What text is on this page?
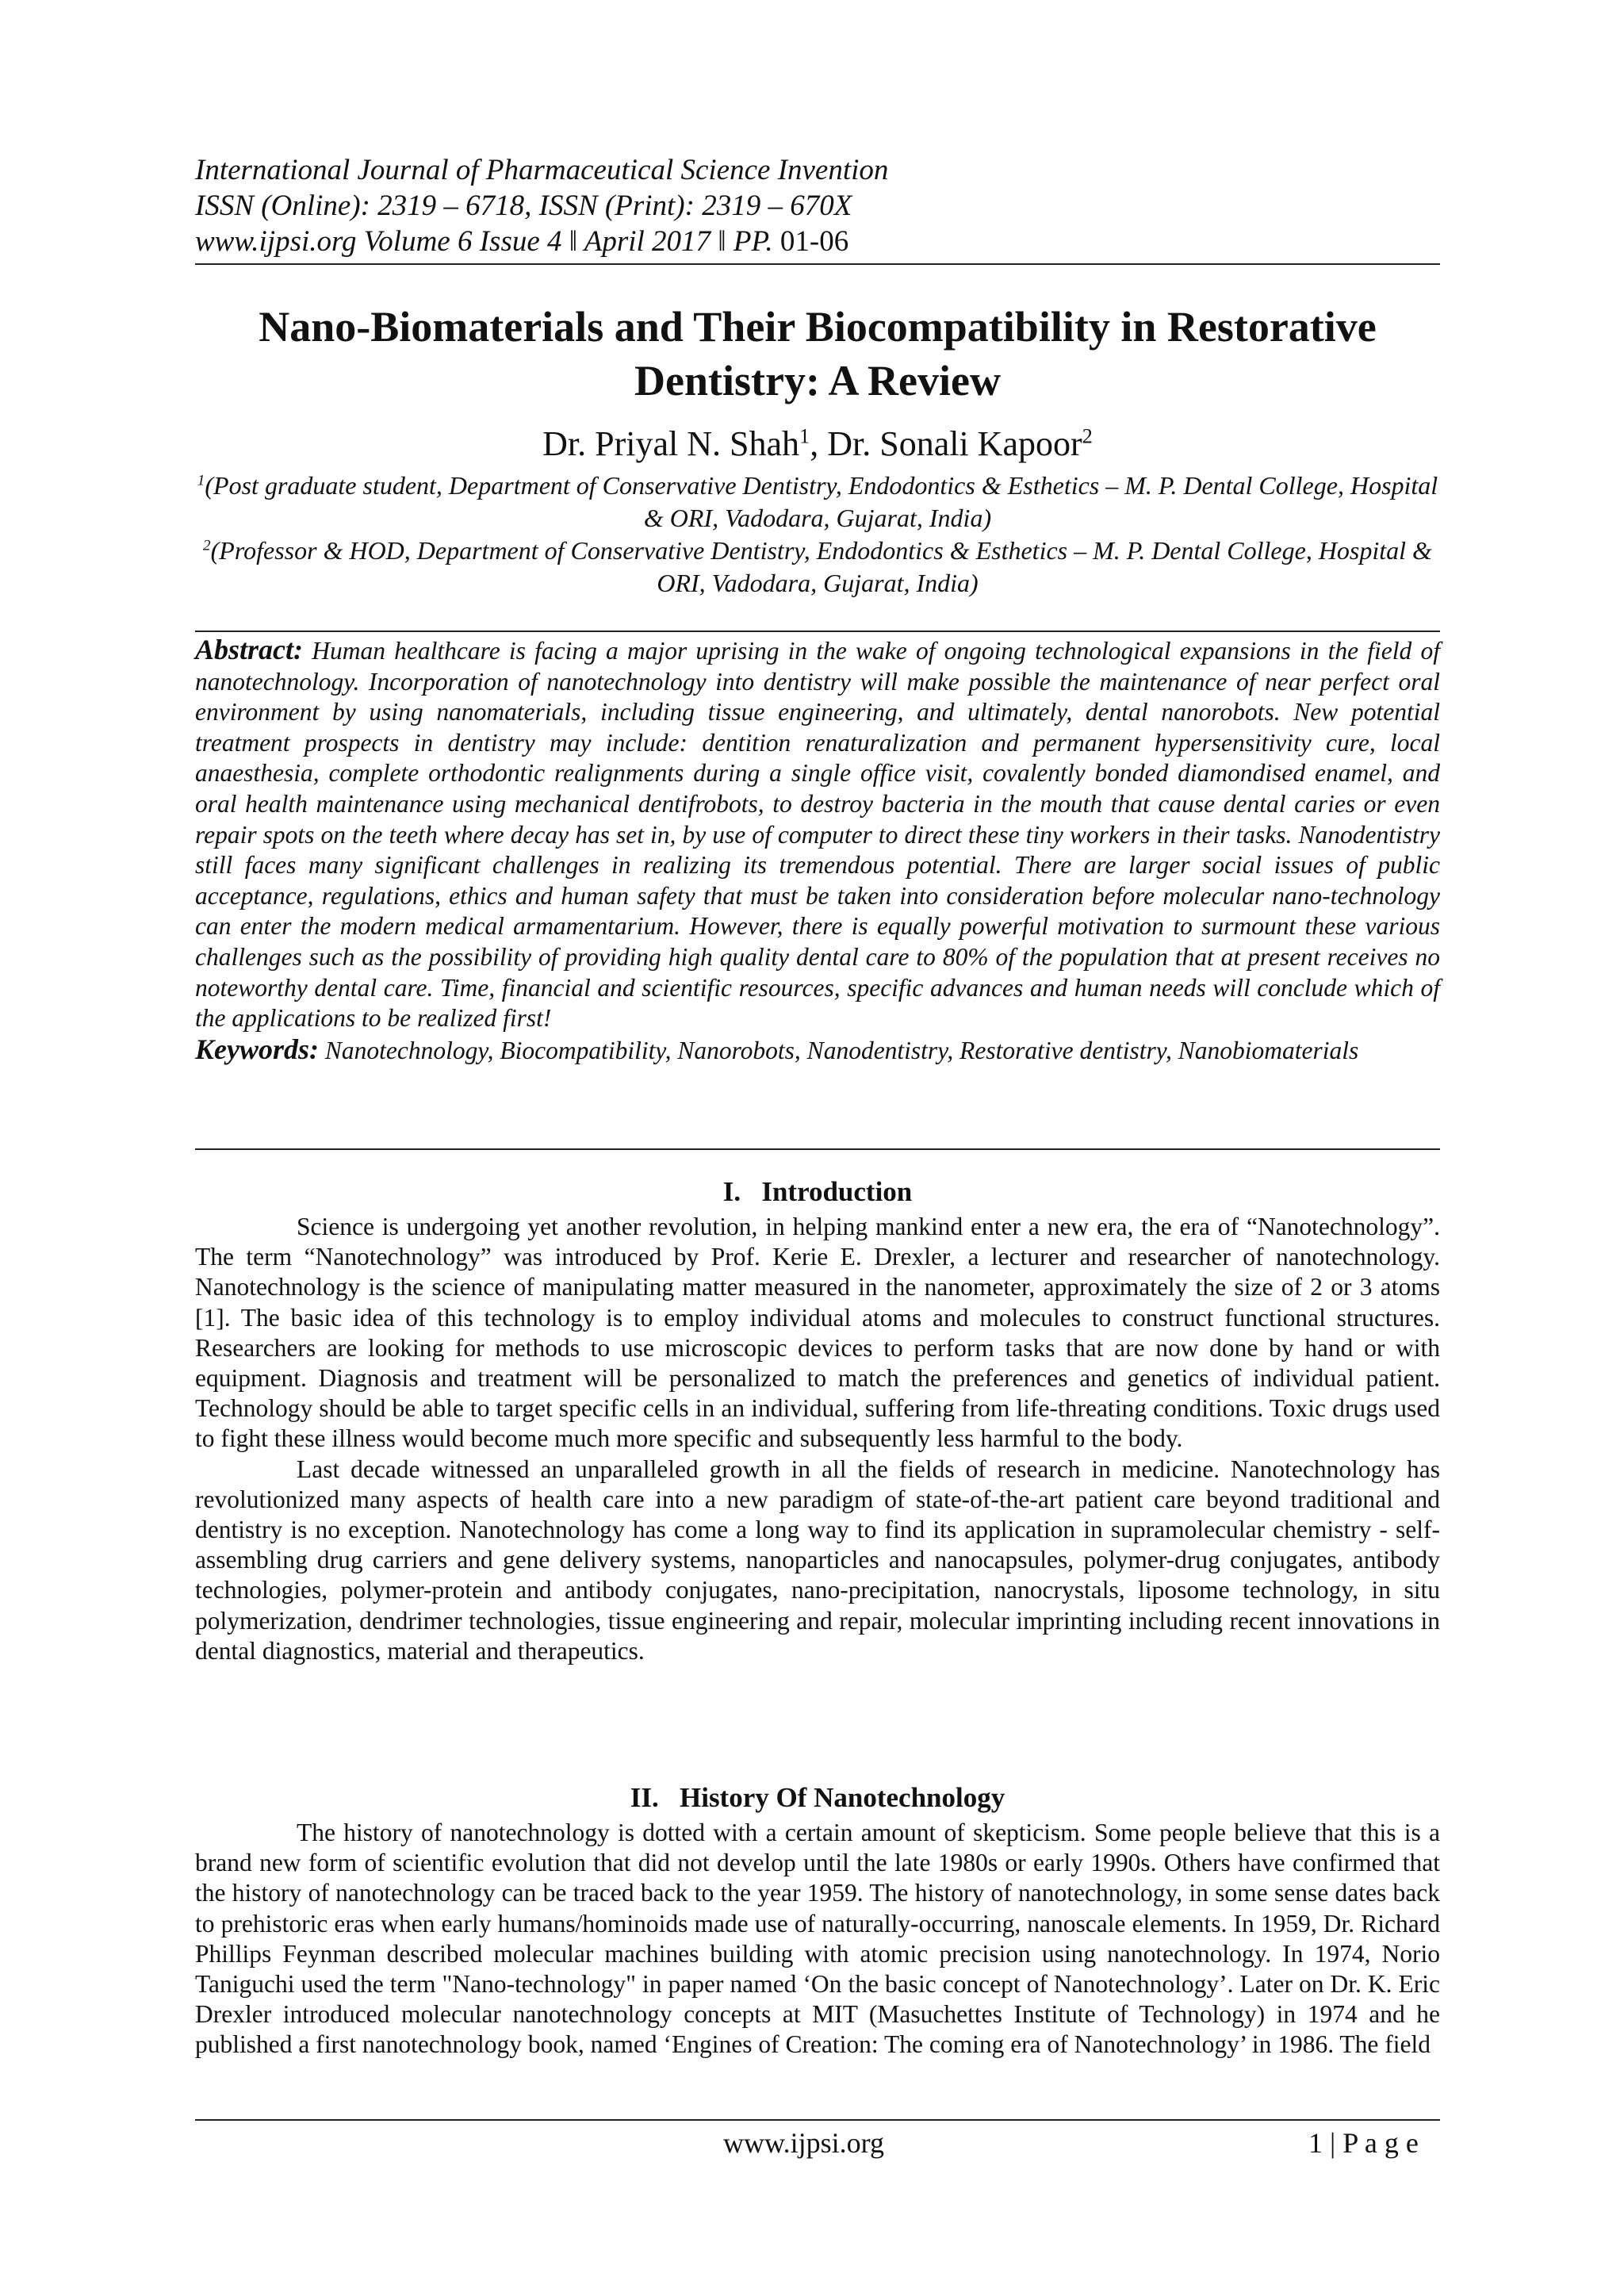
International Journal of Pharmaceutical Science Invention
ISSN (Online): 2319 – 6718, ISSN (Print): 2319 – 670X
www.ijpsi.org Volume 6 Issue 4 ǁ April 2017 ǁ PP. 01-06
Nano-Biomaterials and Their Biocompatibility in Restorative Dentistry: A Review
Dr. Priyal N. Shah$^1$, Dr. Sonali Kapoor$^2$

$^1$(Post graduate student, Department of Conservative Dentistry, Endodontics & Esthetics – M. P. Dental College, Hospital & ORI, Vadodara, Gujarat, India)

$^2$(Professor & HOD, Department of Conservative Dentistry, Endodontics & Esthetics – M. P. Dental College, Hospital & ORI, Vadodara, Gujarat, India)

Abstract: Human healthcare is facing a major uprising in the wake of ongoing technological expansions in the field of nanotechnology. Incorporation of nanotechnology into dentistry will make possible the maintenance of near perfect oral environment by using nanomaterials, including tissue engineering, and ultimately, dental nanorobots. New potential treatment prospects in dentistry may include: dentition renaturalization and permanent hypersensitivity cure, local anaesthesia, complete orthodontic realignments during a single office visit, covalently bonded diamondised enamel, and oral health maintenance using mechanical dentifrobots, to destroy bacteria in the mouth that cause dental caries or even repair spots on the teeth where decay has set in, by use of computer to direct these tiny workers in their tasks. Nanodentistry still faces many significant challenges in realizing its tremendous potential. There are larger social issues of public acceptance, regulations, ethics and human safety that must be taken into consideration before molecular nano-technology can enter the modern medical armamentarium. However, there is equally powerful motivation to surmount these various challenges such as the possibility of providing high quality dental care to 80% of the population that at present receives no noteworthy dental care. Time, financial and scientific resources, specific advances and human needs will conclude which of the applications to be realized first!

Keywords: Nanotechnology, Biocompatibility, Nanorobots, Nanodentistry, Restorative dentistry, Nanobiomaterials

I.   Introduction

Science is undergoing yet another revolution, in helping mankind enter a new era, the era of “Nanotechnology”. The term “Nanotechnology” was introduced by Prof. Kerie E. Drexler, a lecturer and researcher of nanotechnology. Nanotechnology is the science of manipulating matter measured in the nanometer, approximately the size of 2 or 3 atoms [1]. The basic idea of this technology is to employ individual atoms and molecules to construct functional structures. Researchers are looking for methods to use microscopic devices to perform tasks that are now done by hand or with equipment. Diagnosis and treatment will be personalized to match the preferences and genetics of individual patient. Technology should be able to target specific cells in an individual, suffering from life-threating conditions. Toxic drugs used to fight these illness would become much more specific and subsequently less harmful to the body.

Last decade witnessed an unparalleled growth in all the fields of research in medicine. Nanotechnology has revolutionized many aspects of health care into a new paradigm of state-of-the-art patient care beyond traditional and dentistry is no exception. Nanotechnology has come a long way to find its application in supramolecular chemistry - self-assembling drug carriers and gene delivery systems, nanoparticles and nanocapsules, polymer-drug conjugates, antibody technologies, polymer-protein and antibody conjugates, nano-precipitation, nanocrystals, liposome technology, in situ polymerization, dendrimer technologies, tissue engineering and repair, molecular imprinting including recent innovations in dental diagnostics, material and therapeutics.

II.   History Of Nanotechnology

The history of nanotechnology is dotted with a certain amount of skepticism. Some people believe that this is a brand new form of scientific evolution that did not develop until the late 1980s or early 1990s. Others have confirmed that the history of nanotechnology can be traced back to the year 1959. The history of nanotechnology, in some sense dates back to prehistoric eras when early humans/hominoids made use of naturally-occurring, nanoscale elements. In 1959, Dr. Richard Phillips Feynman described molecular machines building with atomic precision using nanotechnology. In 1974, Norio Taniguchi used the term "Nano-technology" in paper named ‘On the basic concept of Nanotechnology’. Later on Dr. K. Eric Drexler introduced molecular nanotechnology concepts at MIT (Masuchettes Institute of Technology) in 1974 and he published a first nanotechnology book, named ‘Engines of Creation: The coming era of Nanotechnology’ in 1986. The field

www.ijpsi.org	1 | P a g e
